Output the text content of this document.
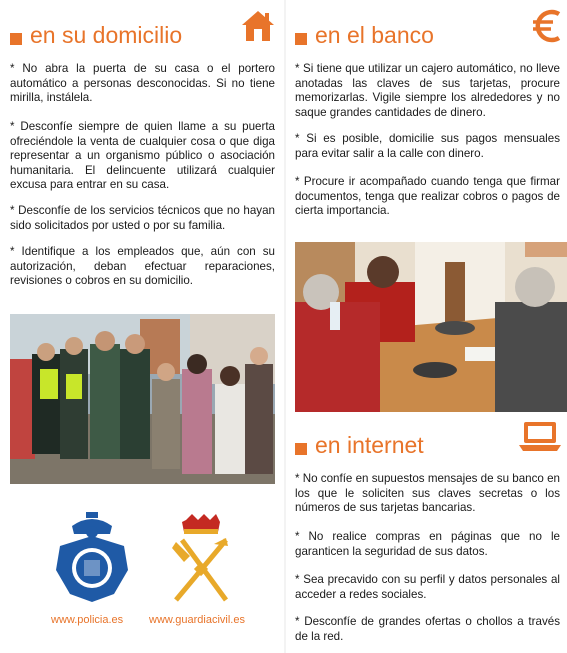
en su domicilio

* No abra la puerta de su casa o el portero automático a personas desconocidas. Si no tiene mirilla, instálela.

* Desconfíe siempre de quien llame a su puerta ofreciéndole la venta de cualquier cosa o que diga representar a un organismo público o asociación humanitaria. El delincuente utilizará cualquier excusa para entrar en su casa.

* Desconfíe de los servicios técnicos que no hayan sido solicitados por usted o por su familia.

* Identifique a los empleados que, aún con su autorización, deban efectuar reparaciones, revisiones o cobros en su domicilio.

www.policia.es www.guardiacivil.es
en el banco

* Si tiene que utilizar un cajero automático, no lleve anotadas las claves de sus tarjetas, procure memorizarlas. Vigile siempre los alrededores y no saque grandes cantidades de dinero.

* Si es posible, domicilie sus pagos mensuales para evitar salir a la calle con dinero.

* Procure ir acompañado cuando tenga que firmar documentos, tenga que realizar cobros o pagos de cierta importancia.

en internet

* No confíe en supuestos mensajes de su banco en los que le soliciten sus claves secretas o los números de sus tarjetas bancarias.

* No realice compras en páginas que no le garanticen la seguridad de sus datos.

* Sea precavido con su perfil y datos personales al acceder a redes sociales.

* Desconfíe de grandes ofertas o chollos a través de la red.
